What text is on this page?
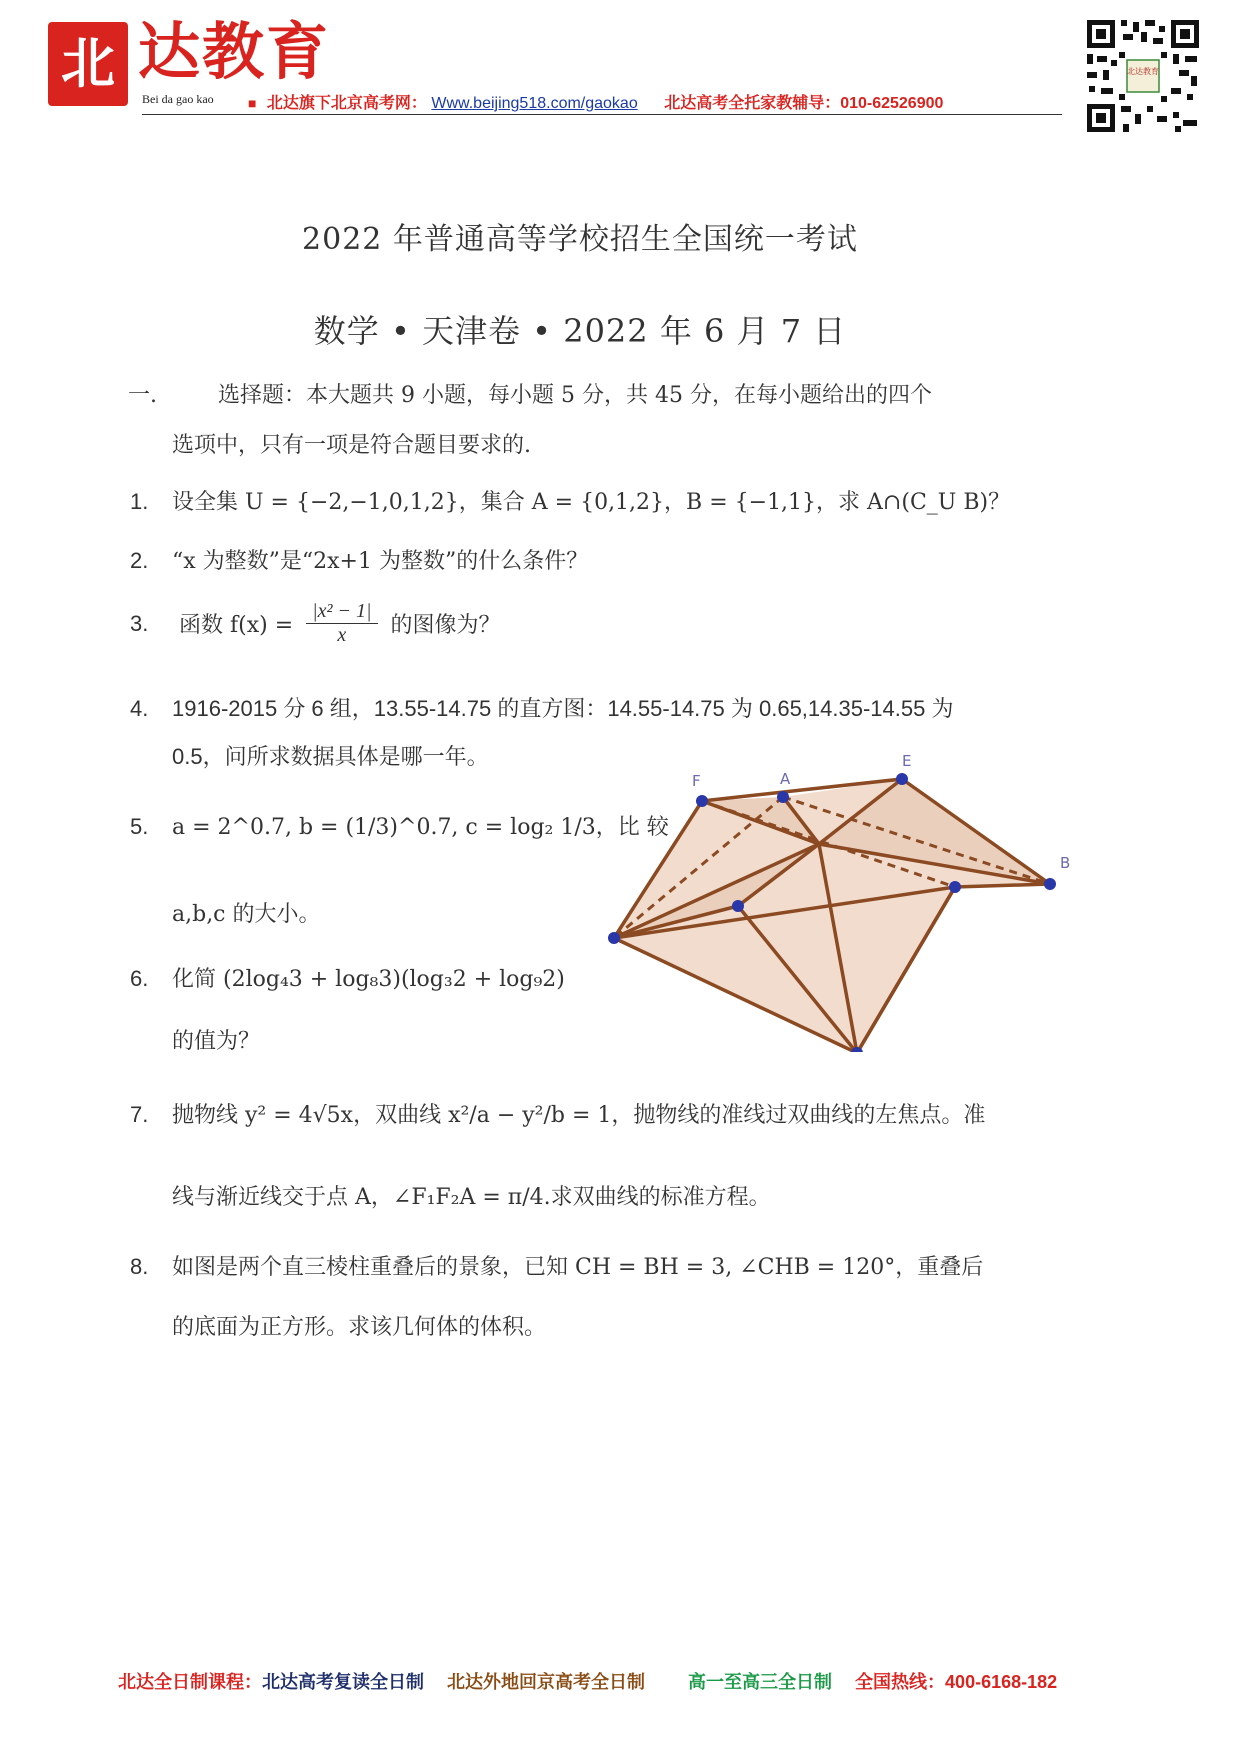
北 达教育
Bei da gao kao ■ 北达旗下北京高考网： Www.beijing518.com/gaokao 北达高考全托家教辅导：010-62526900
北达教育
2022 年普通高等学校招生全国统一考试
数学 • 天津卷 • 2022 年 6 月 7 日
一.	选择题：本大题共 9 小题，每小题 5 分，共 45 分，在每小题给出的四个
选项中，只有一项是符合题目要求的.
1. 设全集 U = {−2,−1,0,1,2}，集合 A = {0,1,2}，B = {−1,1}，求 A∩(C_U B)？
2. “x 为整数”是“2x+1 为整数”的什么条件？
3. 函数 $f(x) = \frac{\text{|x² − 1|}}{x}$ 的图像为？
4. 1916-2015 分 6 组，13.55-14.75 的直方图：14.55-14.75 为 0.65,14.35-14.55 为
0.5，问所求数据具体是哪一年。
5. a = 2^0.7, b = (1/3)^0.7, c = log₂ 1/3，比 较
a,b,c 的大小。
6. 化简 (2log₄3 + log₈3)(log₃2 + log₉2)
的值为？
7. 抛物线 y² = 4√5x，双曲线 x²/a − y²/b = 1，抛物线的准线过双曲线的左焦点。准
线与渐近线交于点 A，∠F₁F₂A = π/4.求双曲线的标准方程。
8. 如图是两个直三棱柱重叠后的景象，已知 CH = BH = 3, ∠CHB = 120°，重叠后
的底面为正方形。求该几何体的体积。
F	A
E
B
北达全日制课程：北达高考复读全日制 北达外地回京高考全日制 高一至高三全日制 全国热线：400-6168-182
